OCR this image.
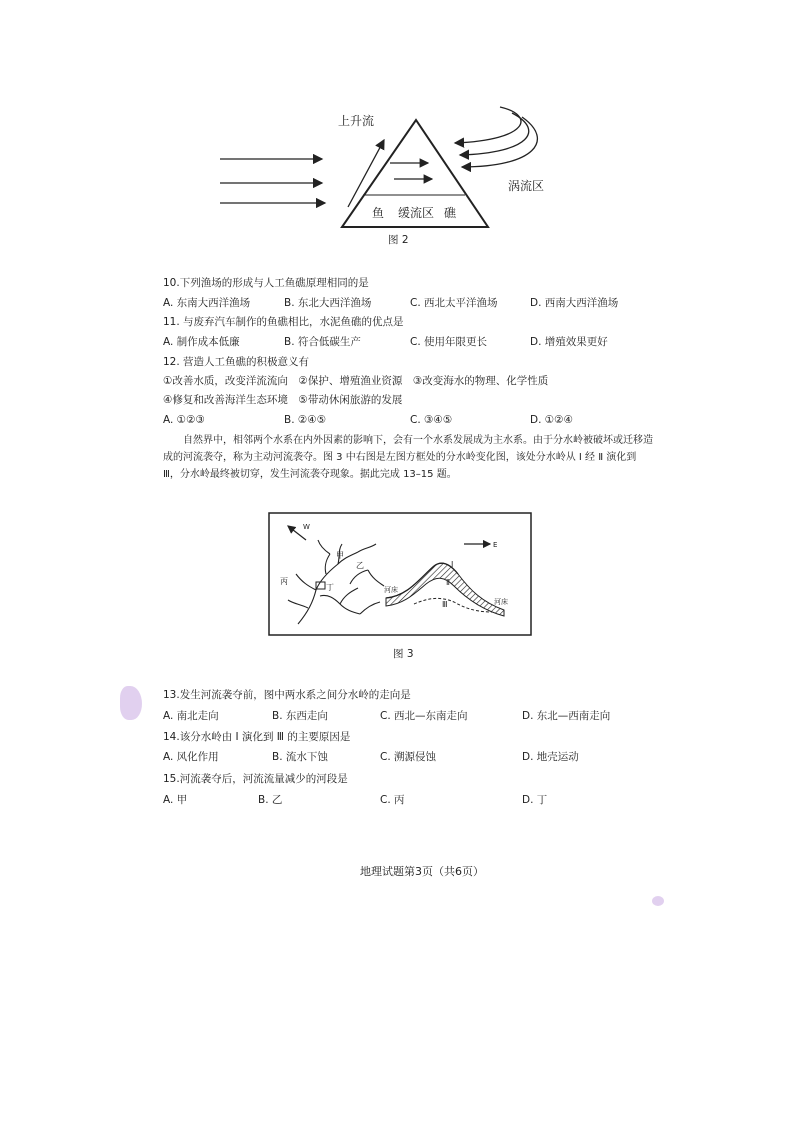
上升流
涡流区
鱼 缓流区 礁
图 2
10.下列渔场的形成与人工鱼礁原理相同的是
A. 东南大西洋渔场	B. 东北大西洋渔场	C. 西北太平洋渔场	D. 西南大西洋渔场
11. 与废弃汽车制作的鱼礁相比，水泥鱼礁的优点是
A. 制作成本低廉	B. 符合低碳生产	C. 使用年限更长	D. 增殖效果更好
12. 营造人工鱼礁的积极意义有
①改善水质，改变洋流流向　②保护、增殖渔业资源　③改变海水的物理、化学性质
④修复和改善海洋生态环境　⑤带动休闲旅游的发展
A. ①②③	B. ②④⑤	C. ③④⑤	D. ①②④
自然界中，相邻两个水系在内外因素的影响下，会有一个水系发展成为主水系。由于分水岭被破坏或迁移造成的河流袭夺，称为主动河流袭夺。图 3 中右图是左图方框处的分水岭变化图，该处分水岭从 Ⅰ 经 Ⅱ 演化到 Ⅲ，分水岭最终被切穿，发生河流袭夺现象。据此完成 13–15 题。
W
甲
乙
丙
丁
E
Ⅰ
Ⅱ
Ⅲ
河床
河床
图 3
13.发生河流袭夺前，图中两水系之间分水岭的走向是
A. 南北走向	B. 东西走向	C. 西北—东南走向	D. 东北—西南走向
14.该分水岭由 Ⅰ 演化到 Ⅲ 的主要原因是
A. 风化作用	B. 流水下蚀	C. 溯源侵蚀	D. 地壳运动
15.河流袭夺后，河流流量减少的河段是
A. 甲	B. 乙	C. 丙	D. 丁
地理试题第3页（共6页）
